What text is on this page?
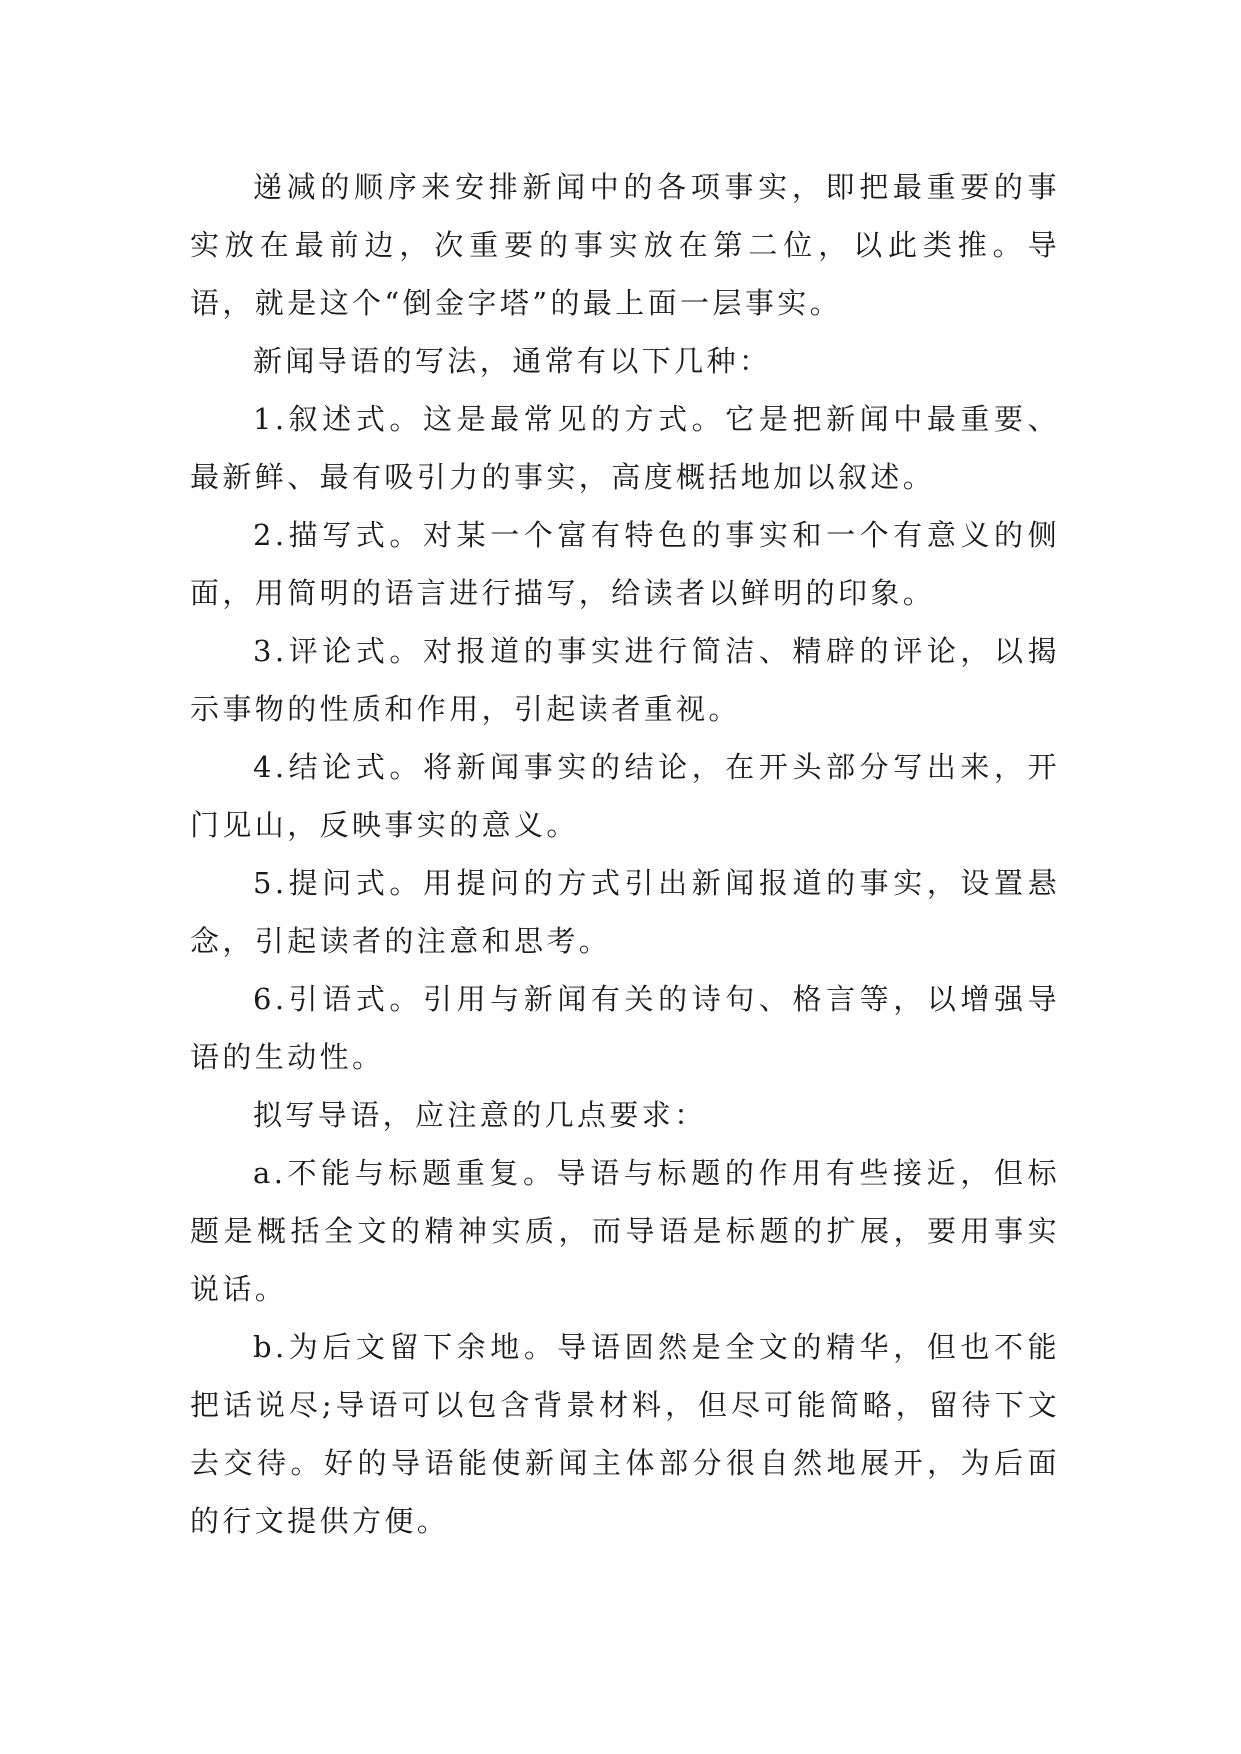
递减的顺序来安排新闻中的各项事实，即把最重要的事实放在最前边，次重要的事实放在第二位，以此类推。导语，就是这个“倒金字塔”的最上面一层事实。

新闻导语的写法，通常有以下几种：

1.叙述式。这是最常见的方式。它是把新闻中最重要、最新鲜、最有吸引力的事实，高度概括地加以叙述。

2.描写式。对某一个富有特色的事实和一个有意义的侧面，用简明的语言进行描写，给读者以鲜明的印象。

3.评论式。对报道的事实进行简洁、精辟的评论，以揭示事物的性质和作用，引起读者重视。

4.结论式。将新闻事实的结论，在开头部分写出来，开门见山，反映事实的意义。

5.提问式。用提问的方式引出新闻报道的事实，设置悬念，引起读者的注意和思考。

6.引语式。引用与新闻有关的诗句、格言等，以增强导语的生动性。

拟写导语，应注意的几点要求：

a.不能与标题重复。导语与标题的作用有些接近，但标题是概括全文的精神实质，而导语是标题的扩展，要用事实说话。

b.为后文留下余地。导语固然是全文的精华，但也不能把话说尽;导语可以包含背景材料，但尽可能简略，留待下文去交待。好的导语能使新闻主体部分很自然地展开，为后面的行文提供方便。
